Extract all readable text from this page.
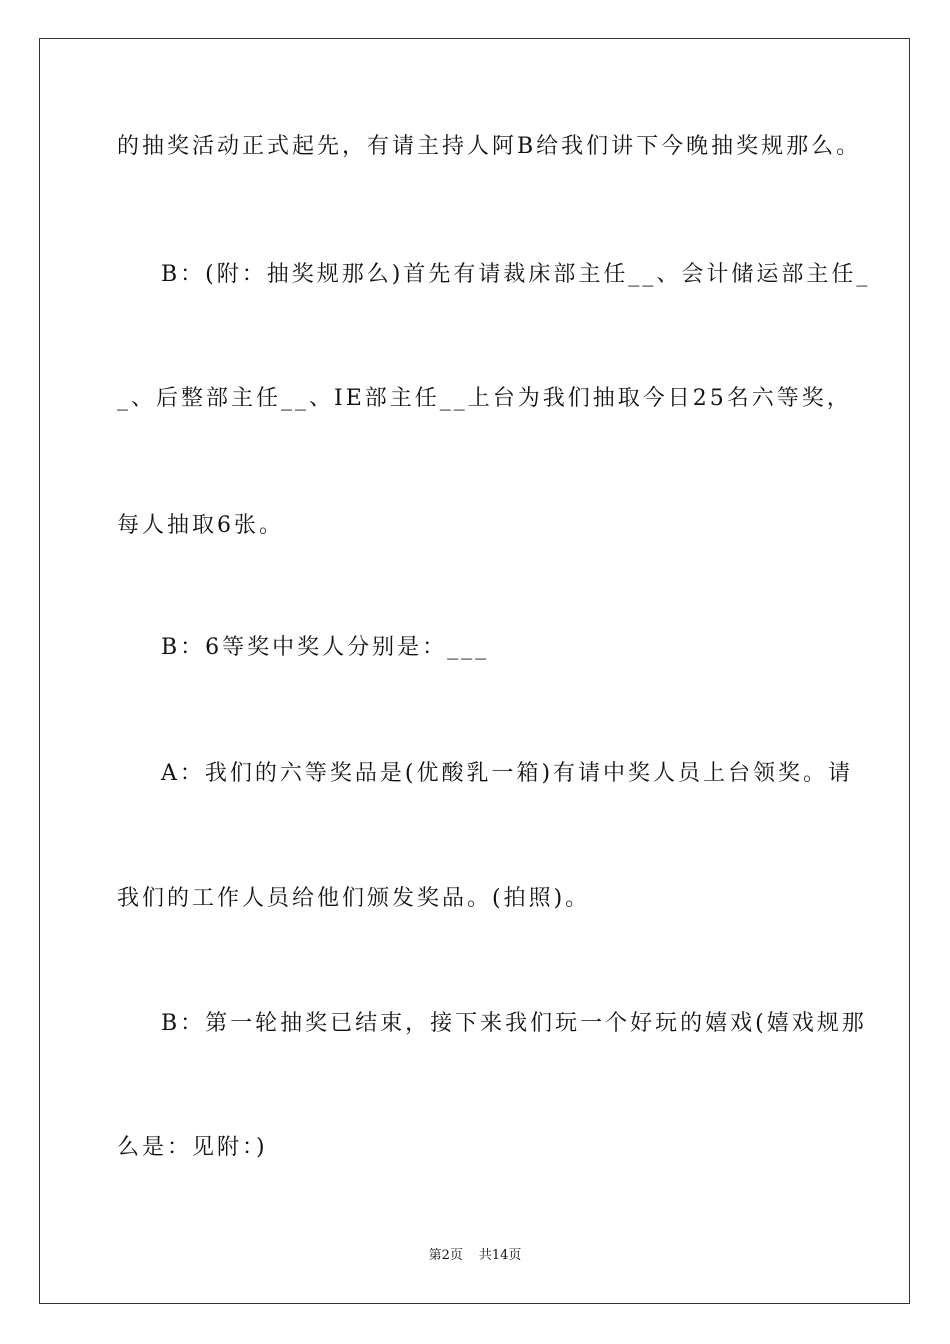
的抽奖活动正式起先，有请主持人阿B给我们讲下今晚抽奖规那么。
B：(附：抽奖规那么)首先有请裁床部主任__、会计储运部主任_
_、后整部主任__、IE部主任__上台为我们抽取今日25名六等奖，
每人抽取6张。
B：6等奖中奖人分别是：___
A：我们的六等奖品是(优酸乳一箱)有请中奖人员上台领奖。请
我们的工作人员给他们颁发奖品。(拍照)。
B：第一轮抽奖已结束，接下来我们玩一个好玩的嬉戏(嬉戏规那
么是：见附：)
第2页 共14页
